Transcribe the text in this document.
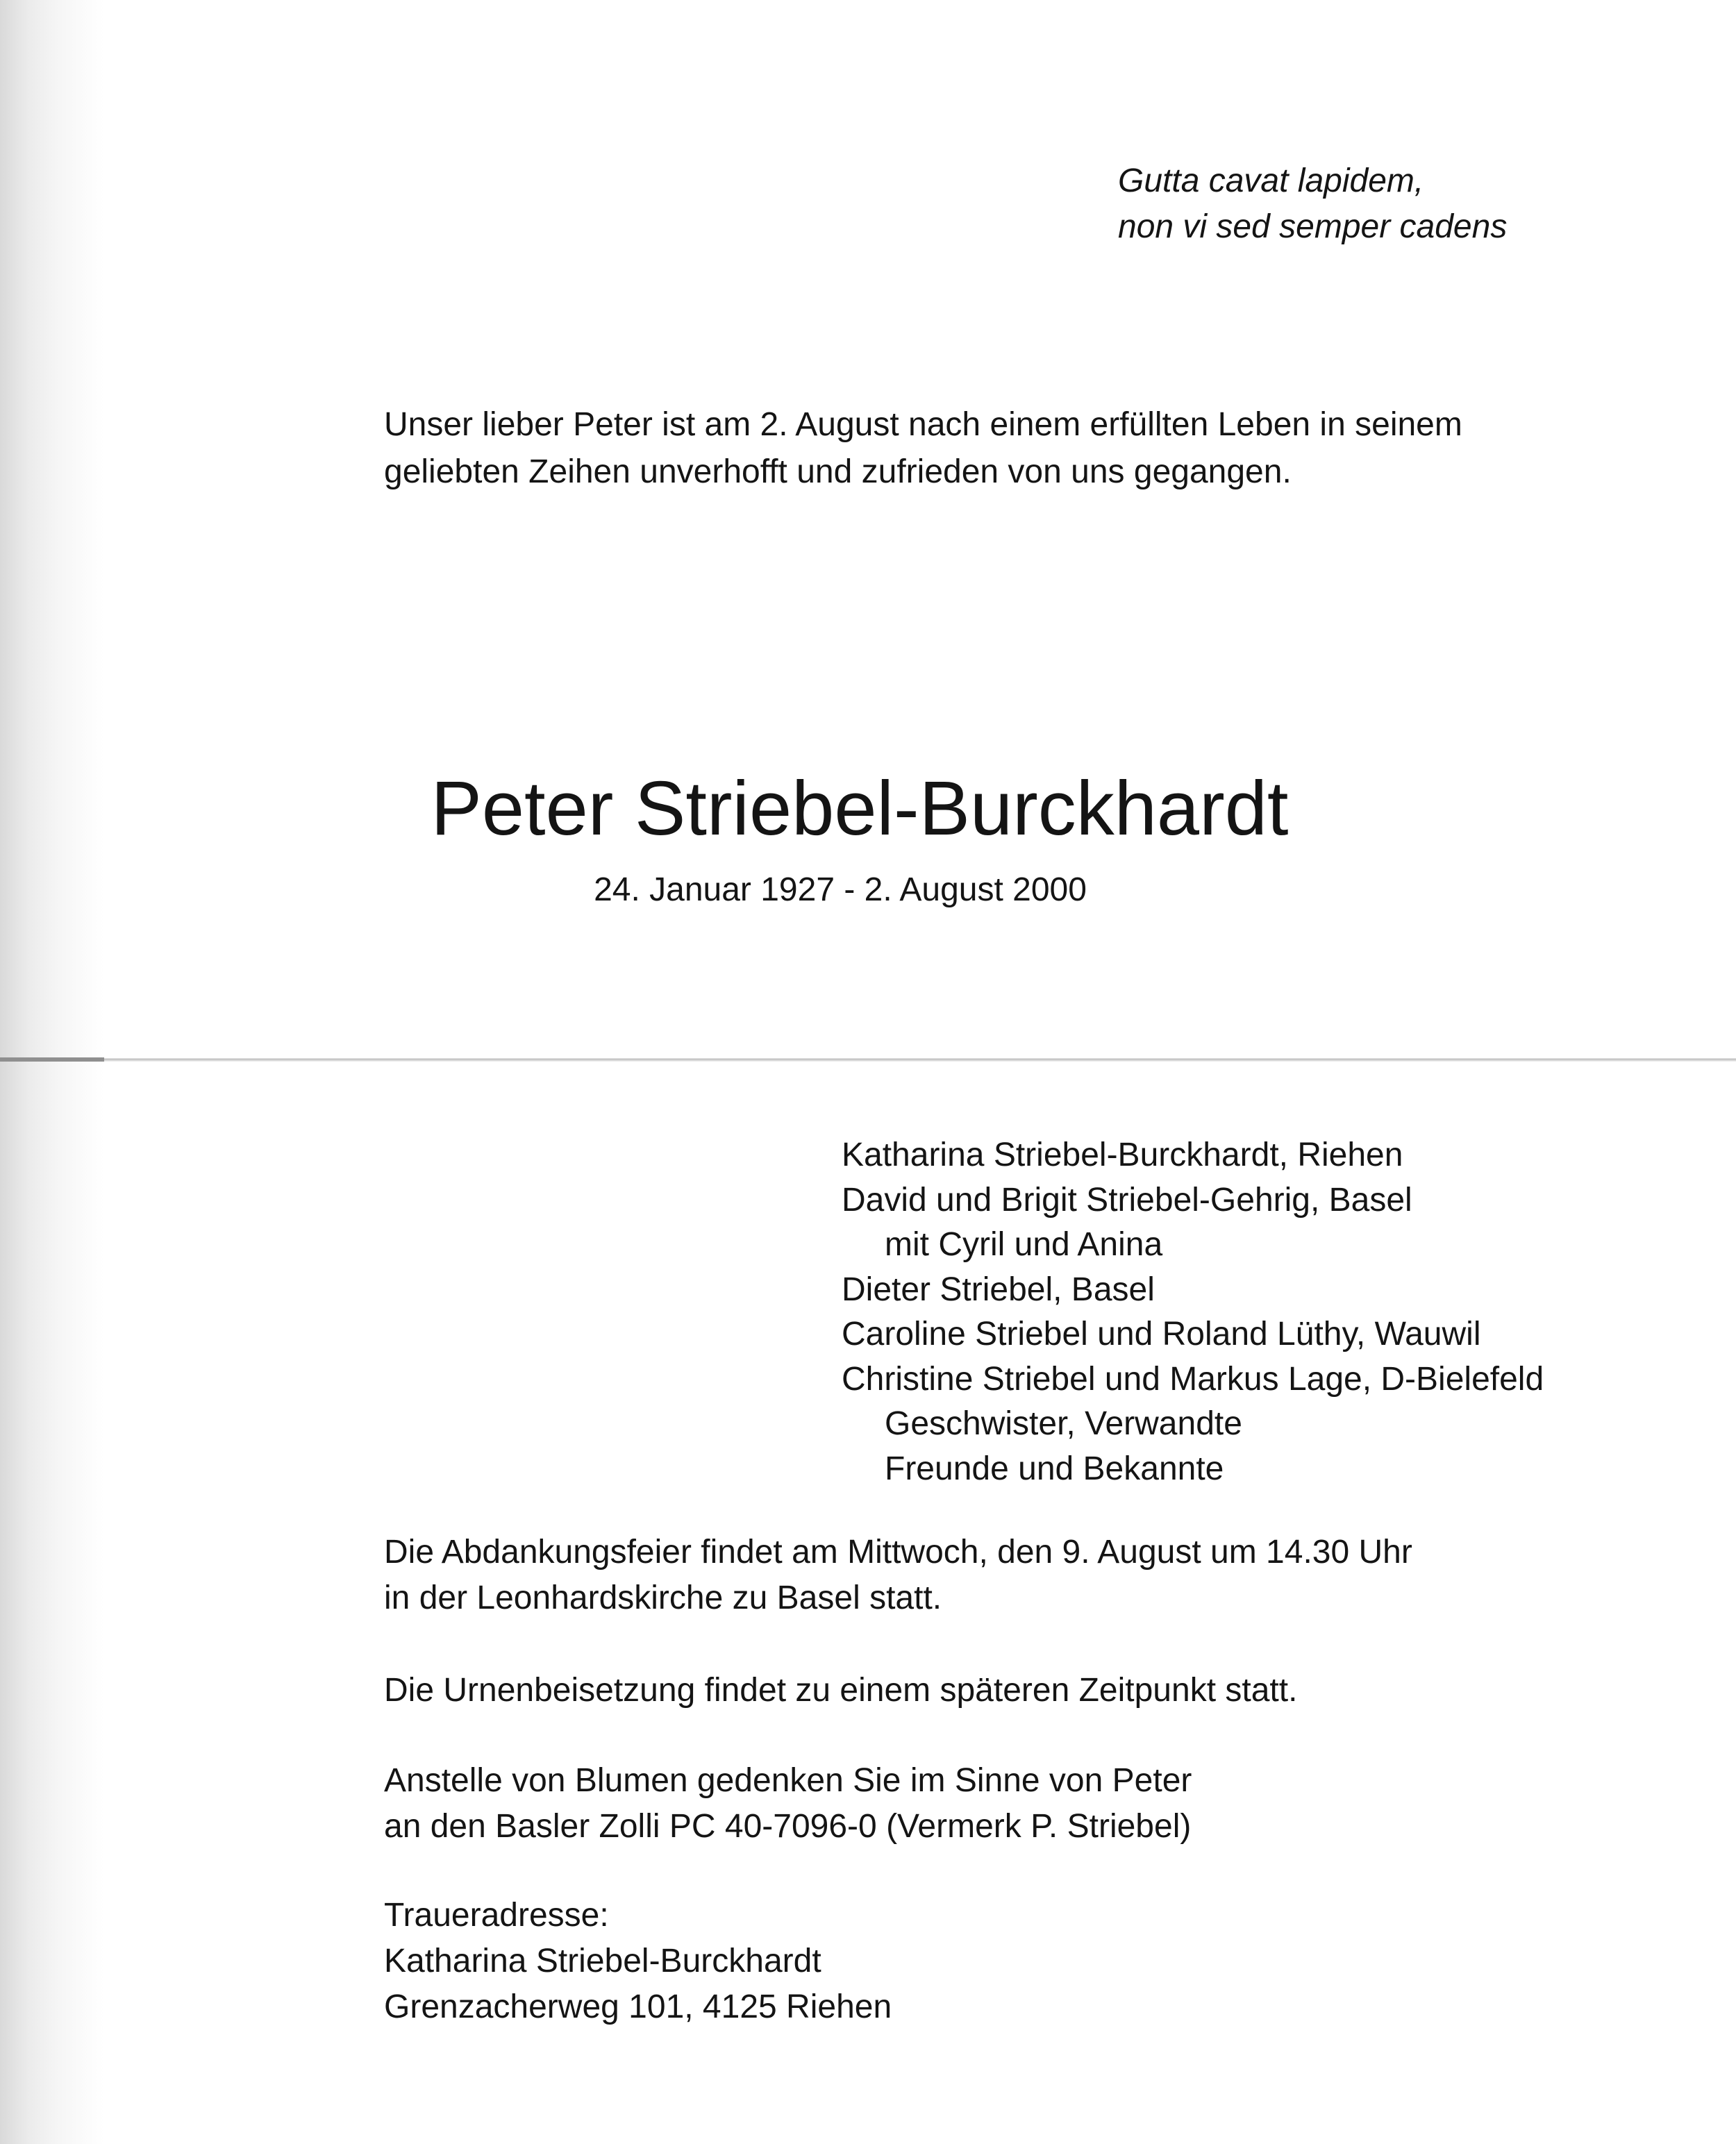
Gutta cavat lapidem,
non vi sed semper cadens
Unser lieber Peter ist am 2. August nach einem erfüllten Leben in seinem
geliebten Zeihen unverhofft und zufrieden von uns gegangen.
Peter Striebel-Burckhardt
24. Januar 1927 - 2. August 2000
Katharina Striebel-Burckhardt, Riehen
David und Brigit Striebel-Gehrig, Basel
mit Cyril und Anina
Dieter Striebel, Basel
Caroline Striebel und Roland Lüthy, Wauwil
Christine Striebel und Markus Lage, D-Bielefeld
Geschwister, Verwandte
Freunde und Bekannte
Die Abdankungsfeier findet am Mittwoch, den 9. August um 14.30 Uhr
in der Leonhardskirche zu Basel statt.
Die Urnenbeisetzung findet zu einem späteren Zeitpunkt statt.
Anstelle von Blumen gedenken Sie im Sinne von Peter
an den Basler Zolli PC 40-7096-0 (Vermerk P. Striebel)
Traueradresse:
Katharina Striebel-Burckhardt
Grenzacherweg 101, 4125 Riehen
